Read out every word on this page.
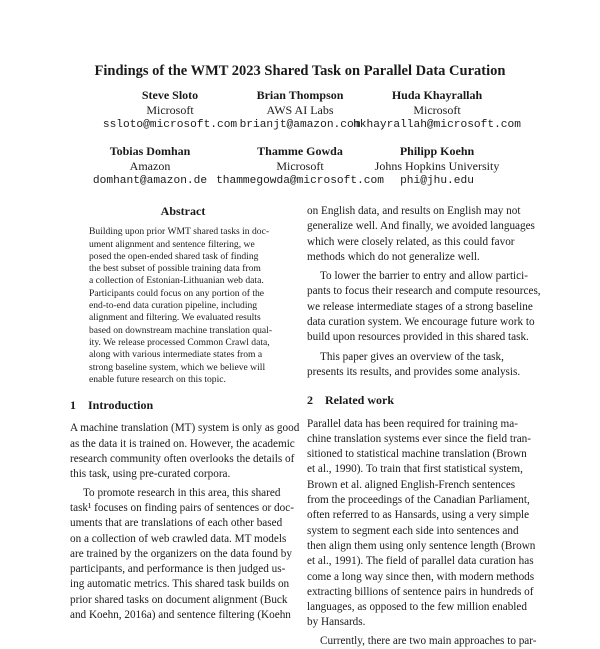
Findings of the WMT 2023 Shared Task on Parallel Data Curation
Steve Sloto
Microsoft
ssloto@microsoft.com
Brian Thompson
AWS AI Labs
brianjt@amazon.com
Huda Khayrallah
Microsoft
hkhayrallah@microsoft.com
Tobias Domhan
Amazon
domhant@amazon.de
Thamme Gowda
Microsoft
thammegowda@microsoft.com
Philipp Koehn
Johns Hopkins University
phi@jhu.edu
Abstract
Building upon prior WMT shared tasks in doc-
ument alignment and sentence filtering, we
posed the open-ended shared task of finding
the best subset of possible training data from
a collection of Estonian-Lithuanian web data.
Participants could focus on any portion of the
end-to-end data curation pipeline, including
alignment and filtering. We evaluated results
based on downstream machine translation qual-
ity. We release processed Common Crawl data,
along with various intermediate states from a
strong baseline system, which we believe will
enable future research on this topic.
1 Introduction
A machine translation (MT) system is only as good
as the data it is trained on. However, the academic
research community often overlooks the details of
this task, using pre-curated corpora.
To promote research in this area, this shared
task¹ focuses on finding pairs of sentences or doc-
uments that are translations of each other based
on a collection of web crawled data. MT models
are trained by the organizers on the data found by
participants, and performance is then judged us-
ing automatic metrics. This shared task builds on
prior shared tasks on document alignment (Buck
and Koehn, 2016a) and sentence filtering (Koehn
on English data, and results on English may not
generalize well. And finally, we avoided languages
which were closely related, as this could favor
methods which do not generalize well.
To lower the barrier to entry and allow partici-
pants to focus their research and compute resources,
we release intermediate stages of a strong baseline
data curation system. We encourage future work to
build upon resources provided in this shared task.
This paper gives an overview of the task,
presents its results, and provides some analysis.
2 Related work
Parallel data has been required for training ma-
chine translation systems ever since the field tran-
sitioned to statistical machine translation (Brown
et al., 1990). To train that first statistical system,
Brown et al. aligned English-French sentences
from the proceedings of the Canadian Parliament,
often referred to as Hansards, using a very simple
system to segment each side into sentences and
then align them using only sentence length (Brown
et al., 1991). The field of parallel data curation has
come a long way since then, with modern methods
extracting billions of sentence pairs in hundreds of
languages, as opposed to the few million enabled
by Hansards.
Currently, there are two main approaches to par-
